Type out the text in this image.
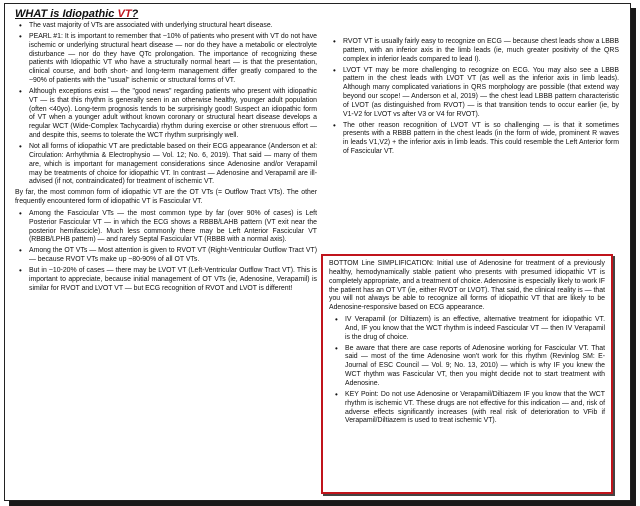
WHAT is Idiopathic VT?
• The vast majority of VTs are associated with underlying structural heart disease.
• PEARL #1: It is important to remember that ~10% of patients who present with VT do not have ischemic or underlying structural heart disease — nor do they have a metabolic or electrolyte disturbance — nor do they have QTc prolongation. The importance of recognizing these patients with Idiopathic VT who have a structurally normal heart — is that the presentation, clinical course, and both short- and long-term management differ greatly compared to the ~90% of patients with the "usual" ischemic or structural forms of VT.
• Although exceptions exist — the "good news" regarding patients who present with idiopathic VT — is that this rhythm is generally seen in an otherwise healthy, younger adult population (often <40yo). Long-term prognosis tends to be surprisingly good! Suspect an idiopathic form of VT when a younger adult without known coronary or structural heart disease develops a regular WCT (Wide-Complex Tachycardia) rhythm during exercise or other strenuous effort — and despite this, seems to tolerate the WCT rhythm surprisingly well.
• Not all forms of idiopathic VT are predictable based on their ECG appearance (Anderson et al: Circulation: Arrhythmia & Electrophysio — Vol. 12; No. 6, 2019). That said — many of them are, which is important for management considerations since Adenosine and/or Verapamil may be treatments of choice for idiopathic VT. In contrast — Adenosine and Verapamil are ill-advised (if not, contraindicated) for treatment of ischemic VT.

By far, the most common form of idiopathic VT are the OT VTs (= Outflow Tract VTs). The other frequently encountered form of idiopathic VT is Fascicular VT.

• Among the Fascicular VTs — the most common type by far (over 90% of cases) is Left Posterior Fascicular VT — in which the ECG shows a RBBB/LAHB pattern (VT exit near the posterior hemifascicle). Much less commonly there may be Left Anterior Fascicular VT (RBBB/LPHB pattern) — and rarely Septal Fascicular VT (RBBB with a normal axis).
• Among the OT VTs — Most attention is given to RVOT VT (Right-Ventricular Outflow Tract VT) — because RVOT VTs make up ~80-90% of all OT VTs.
• But in ~10-20% of cases — there may be LVOT VT (Left-Ventricular Outflow Tract VT). This is important to appreciate, because initial management of OT VTs (ie, Adenosine, Verapamil) is similar for RVOT and LVOT VT — but ECG recognition of RVOT and LVOT is different!
• RVOT VT is usually fairly easy to recognize on ECG — because chest leads show a LBBB pattern, with an inferior axis in the limb leads (ie, much greater positivity of the QRS complex in inferior leads compared to lead I).
• LVOT VT may be more challenging to recognize on ECG. You may also see a LBBB pattern in the chest leads with LVOT VT (as well as the inferior axis in limb leads). Although many complicated variations in QRS morphology are possible (that extend way beyond our scope! — Anderson et al, 2019) — the chest lead LBBB pattern characteristic of LVOT (as distinguished from RVOT) — is that transition tends to occur earlier (ie, by V1-V2 for LVOT vs after V3 or V4 for RVOT).
• The other reason recognition of LVOT VT is so challenging — is that it sometimes presents with a RBBB pattern in the chest leads (in the form of wide, prominent R waves in leads V1,V2) + the inferior axis in limb leads. This could resemble the Left Anterior form of Fascicular VT.

BOTTOM Line SIMPLIFICATION: Initial use of Adenosine for treatment of a previously healthy, hemodynamically stable patient who presents with presumed idiopathic VT is completely appropriate, and a treatment of choice. Adenosine is especially likely to work IF the patient has an OT VT (ie, either RVOT or LVOT). That said, the clinical reality is — that you will not always be able to recognize all forms of idiopathic VT that are likely to be Adenosine-responsive based on ECG appearance.

• IV Verapamil (or Diltiazem) is an effective, alternative treatment for idiopathic VT. And, IF you know that the WCT rhythm is indeed Fascicular VT — then IV Verapamil is the drug of choice.
• Be aware that there are case reports of Adenosine working for Fascicular VT. That said — most of the time Adenosine won't work for this rhythm (Revinlog SM: E-Journal of ESC Council — Vol. 9; No. 13, 2010) — which is why IF you knew the WCT rhythm was Fascicular VT, then you might decide not to start treatment with Adenosine.
• KEY Point: Do not use Adenosine or Verapamil/Diltiazem IF you know that the WCT rhythm is ischemic VT. These drugs are not effective for this indication — and, risk of adverse effects significantly increases (with real risk of deterioration to VFib if Verapamil/Diltiazem is used to treat ischemic VT).
